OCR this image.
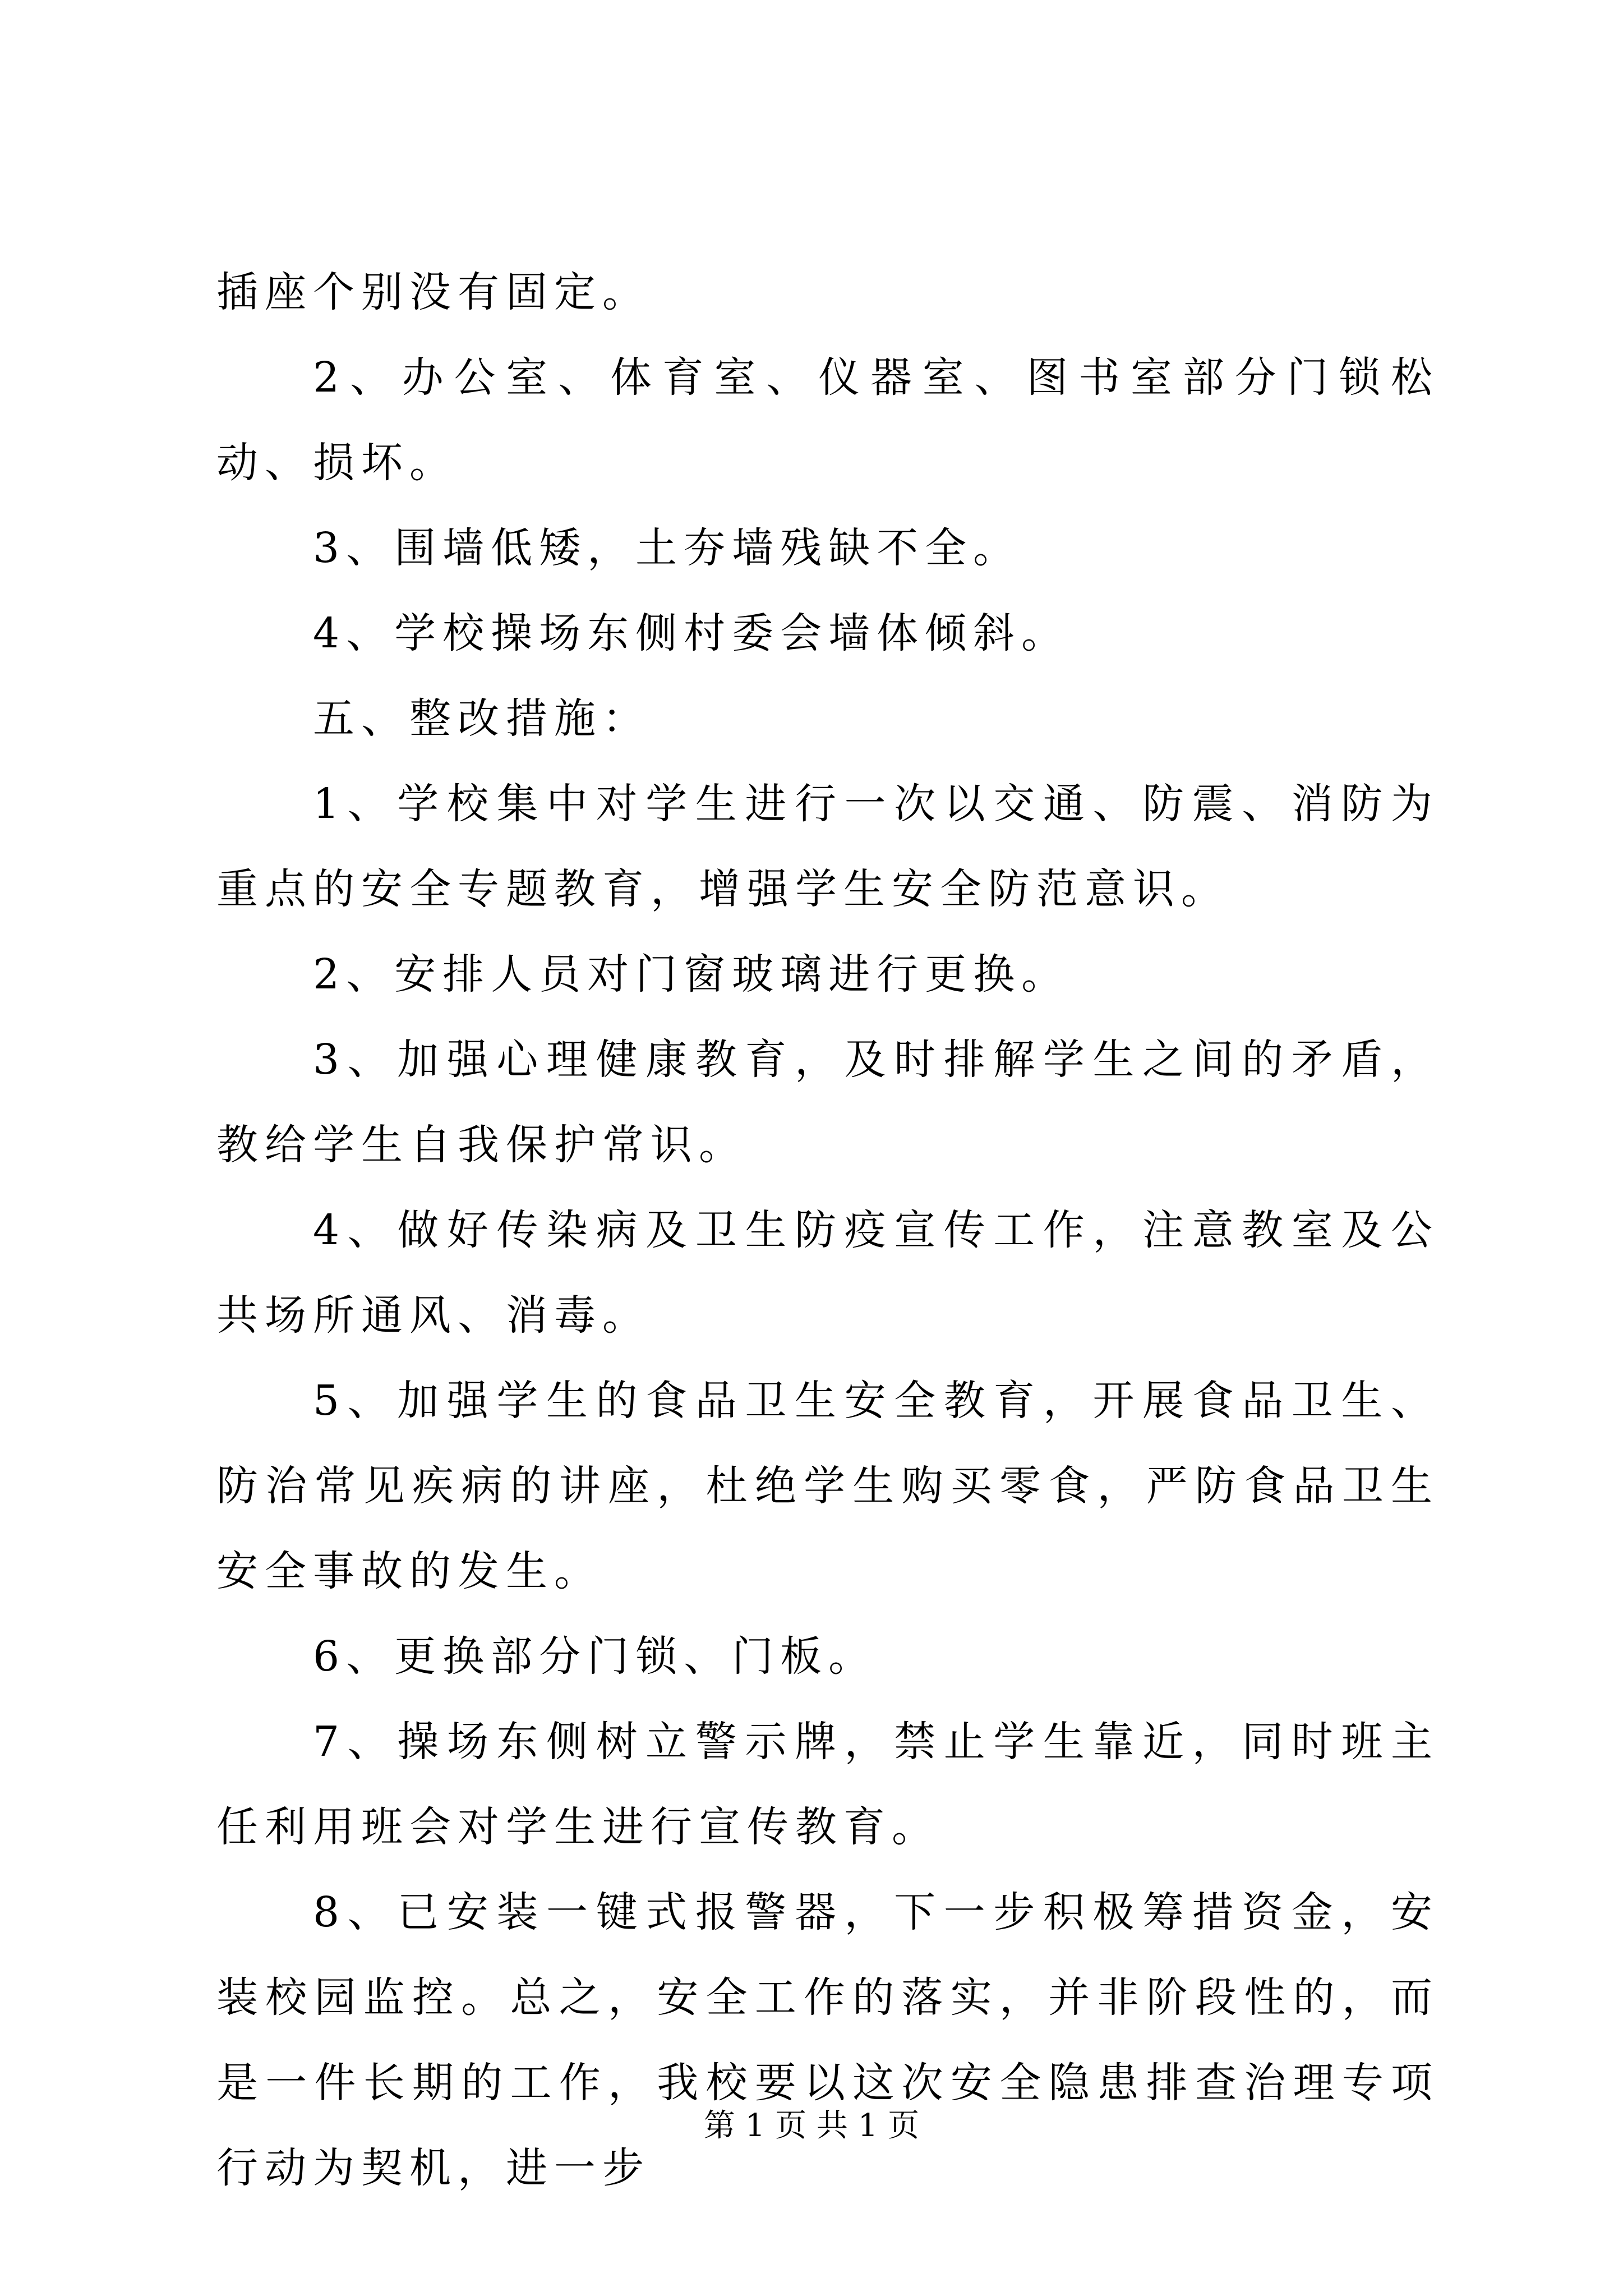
插座个别没有固定。

2、办公室、体育室、仪器室、图书室部分门锁松动、损坏。

3、围墙低矮，土夯墙残缺不全。

4、学校操场东侧村委会墙体倾斜。

五、整改措施：

1、学校集中对学生进行一次以交通、防震、消防为重点的安全专题教育，增强学生安全防范意识。

2、安排人员对门窗玻璃进行更换。

3、加强心理健康教育，及时排解学生之间的矛盾，教给学生自我保护常识。

4、做好传染病及卫生防疫宣传工作，注意教室及公共场所通风、消毒。

5、加强学生的食品卫生安全教育，开展食品卫生、防治常见疾病的讲座，杜绝学生购买零食，严防食品卫生安全事故的发生。

6、更换部分门锁、门板。

7、操场东侧树立警示牌，禁止学生靠近，同时班主任利用班会对学生进行宣传教育。

8、已安装一键式报警器，下一步积极筹措资金，安装校园监控。总之，安全工作的落实，并非阶段性的，而是一件长期的工作，我校要以这次安全隐患排查治理专项行动为契机，进一步

第 1 页 共 1 页
